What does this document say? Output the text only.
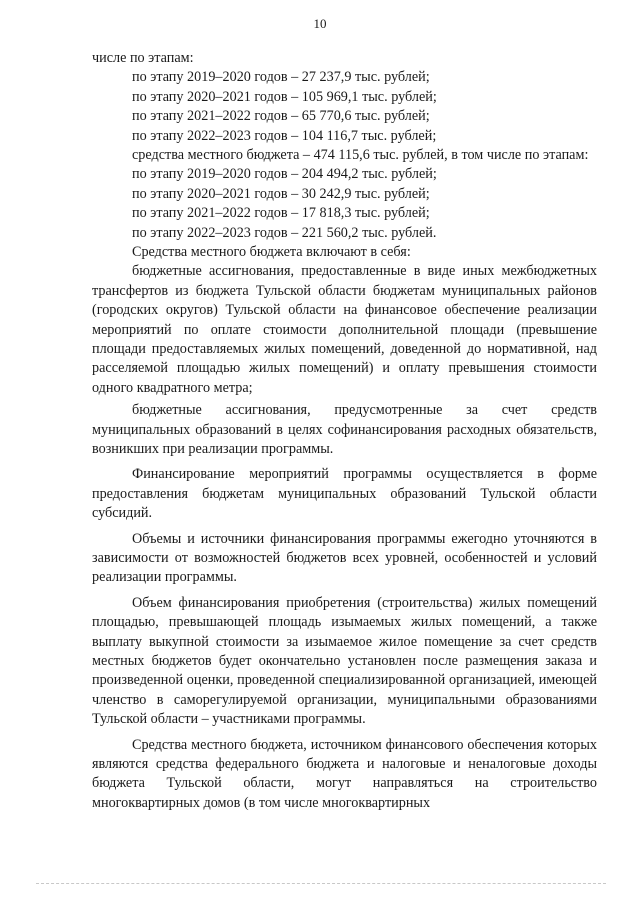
10
числе по этапам:
по этапу 2019–2020 годов – 27 237,9 тыс. рублей;
по этапу 2020–2021 годов – 105 969,1 тыс. рублей;
по этапу 2021–2022 годов – 65 770,6 тыс. рублей;
по этапу 2022–2023 годов – 104 116,7 тыс. рублей;

средства местного бюджета – 474 115,6 тыс. рублей, в том числе по этапам:

по этапу 2019–2020 годов – 204 494,2 тыс. рублей;
по этапу 2020–2021 годов – 30 242,9 тыс. рублей;
по этапу 2021–2022 годов – 17 818,3 тыс. рублей;
по этапу 2022–2023 годов – 221 560,2 тыс. рублей.
Средства местного бюджета включают в себя:

бюджетные ассигнования, предоставленные в виде иных межбюджетных трансфертов из бюджета Тульской области бюджетам муниципальных районов (городских округов) Тульской области на финансовое обеспечение реализации мероприятий по оплате стоимости дополнительной площади (превышение площади предоставляемых жилых помещений, доведенной до нормативной, над расселяемой площадью жилых помещений) и оплату превышения стоимости одного квадратного метра;

бюджетные ассигнования, предусмотренные за счет средств муниципальных образований в целях софинансирования расходных обязательств, возникших при реализации программы.

Финансирование мероприятий программы осуществляется в форме предоставления бюджетам муниципальных образований Тульской области субсидий.

Объемы и источники финансирования программы ежегодно уточняются в зависимости от возможностей бюджетов всех уровней, особенностей и условий реализации программы.

Объем финансирования приобретения (строительства) жилых помещений площадью, превышающей площадь изымаемых жилых помещений, а также выплату выкупной стоимости за изымаемое жилое помещение за счет средств местных бюджетов будет окончательно установлен после размещения заказа и произведенной оценки, проведенной специализированной организацией, имеющей членство в саморегулируемой организации, муниципальными образованиями Тульской области – участниками программы.

Средства местного бюджета, источником финансового обеспечения которых являются средства федерального бюджета и налоговые и неналоговые доходы бюджета Тульской области, могут направляться на строительство многоквартирных домов (в том числе многоквартирных
